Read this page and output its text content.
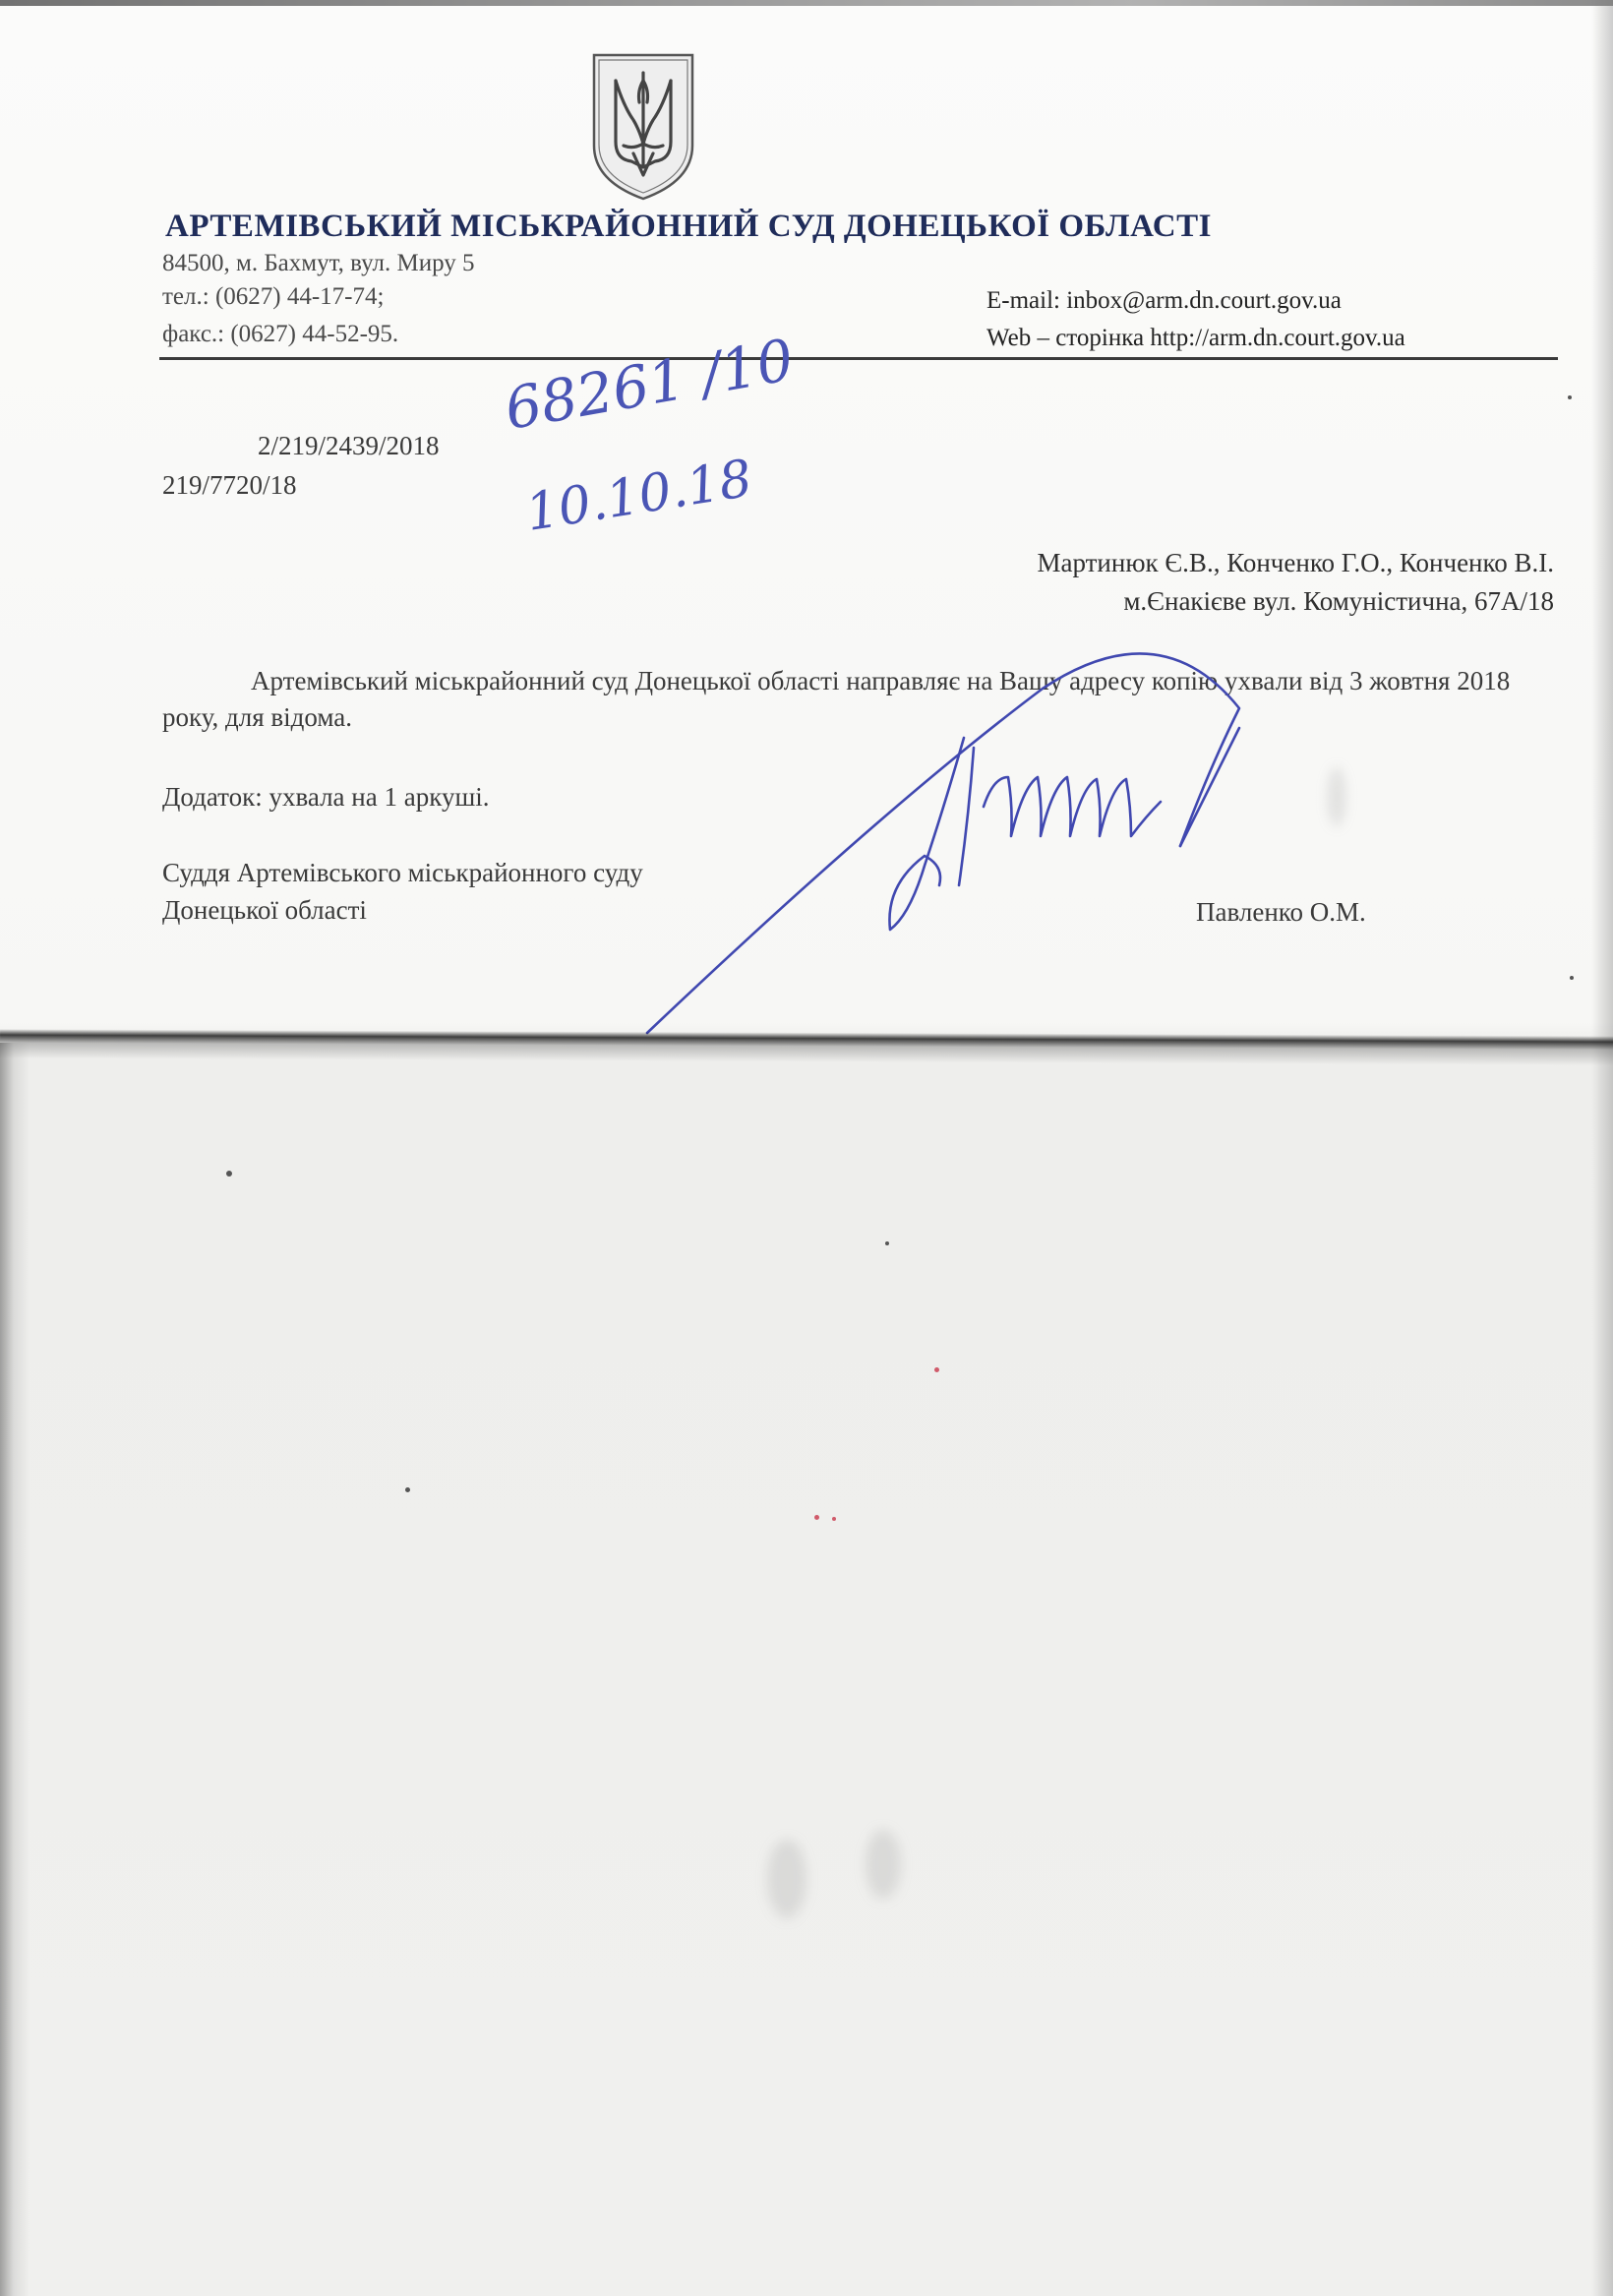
АРТЕМІВСЬКИЙ МІСЬКРАЙОННИЙ СУД ДОНЕЦЬКОЇ ОБЛАСТІ
84500, м. Бахмут, вул. Миру 5
тел.: (0627) 44-17-74;
факс.: (0627) 44-52-95.
E-mail: inbox@arm.dn.court.gov.ua
Web – сторінка http://arm.dn.court.gov.ua
2/219/2439/2018
219/7720/18
68261 /10
10.10.18
Мартинюк Є.В., Конченко Г.О., Конченко В.І.
м.Єнакієве вул. Комуністична, 67А/18
Артемівський міськрайонний суд Донецької області направляє на Вашу адресу копію ухвали від 3 жовтня 2018 року, для відома.
Додаток: ухвала на 1 аркуші.
Суддя Артемівського міськрайонного суду
Донецької області	Павленко О.М.
